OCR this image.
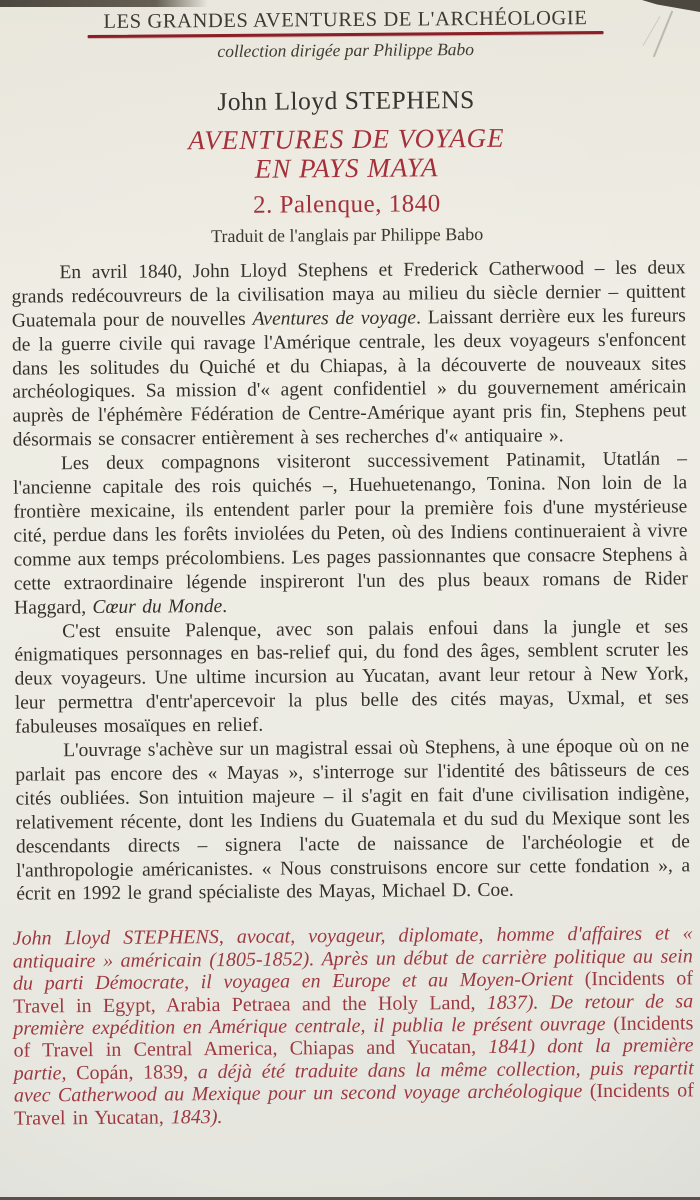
LES GRANDES AVENTURES DE L'ARCHÉOLOGIE
collection dirigée par Philippe Babo
John Lloyd STEPHENS
AVENTURES DE VOYAGE
EN PAYS MAYA
2. Palenque, 1840
Traduit de l'anglais par Philippe Babo

En avril 1840, John Lloyd Stephens et Frederick Catherwood – les deux grands redécouvreurs de la civilisation maya au milieu du siècle dernier – quittent Guatemala pour de nouvelles Aventures de voyage. Laissant derrière eux les fureurs de la guerre civile qui ravage l'Amérique centrale, les deux voyageurs s'enfoncent dans les solitudes du Quiché et du Chiapas, à la découverte de nouveaux sites archéologiques. Sa mission d'« agent confidentiel » du gouvernement américain auprès de l'éphémère Fédération de Centre-Amérique ayant pris fin, Stephens peut désormais se consacrer entièrement à ses recherches d'« antiquaire ».

Les deux compagnons visiteront successivement Patinamit, Utatlán – l'ancienne capitale des rois quichés –, Huehuetenango, Tonina. Non loin de la frontière mexicaine, ils entendent parler pour la première fois d'une mystérieuse cité, perdue dans les forêts inviolées du Peten, où des Indiens continueraient à vivre comme aux temps précolombiens. Les pages passionnantes que consacre Stephens à cette extraordinaire légende inspireront l'un des plus beaux romans de Rider Haggard, Cœur du Monde.

C'est ensuite Palenque, avec son palais enfoui dans la jungle et ses énigmatiques personnages en bas-relief qui, du fond des âges, semblent scruter les deux voyageurs. Une ultime incursion au Yucatan, avant leur retour à New York, leur permettra d'entr'apercevoir la plus belle des cités mayas, Uxmal, et ses fabuleuses mosaïques en relief.

L'ouvrage s'achève sur un magistral essai où Stephens, à une époque où on ne parlait pas encore des « Mayas », s'interroge sur l'identité des bâtisseurs de ces cités oubliées. Son intuition majeure – il s'agit en fait d'une civilisation indigène, relativement récente, dont les Indiens du Guatemala et du sud du Mexique sont les descendants directs – signera l'acte de naissance de l'archéologie et de l'anthropologie américanistes. « Nous construisons encore sur cette fondation », a écrit en 1992 le grand spécialiste des Mayas, Michael D. Coe.

John Lloyd STEPHENS, avocat, voyageur, diplomate, homme d'affaires et « antiquaire » américain (1805-1852). Après un début de carrière politique au sein du parti Démocrate, il voyagea en Europe et au Moyen-Orient (Incidents of Travel in Egypt, Arabia Petraea and the Holy Land, 1837). De retour de sa première expédition en Amérique centrale, il publia le présent ouvrage (Incidents of Travel in Central America, Chiapas and Yucatan, 1841) dont la première partie, Copán, 1839, a déjà été traduite dans la même collection, puis repartit avec Catherwood au Mexique pour un second voyage archéologique (Incidents of Travel in Yucatan, 1843).
